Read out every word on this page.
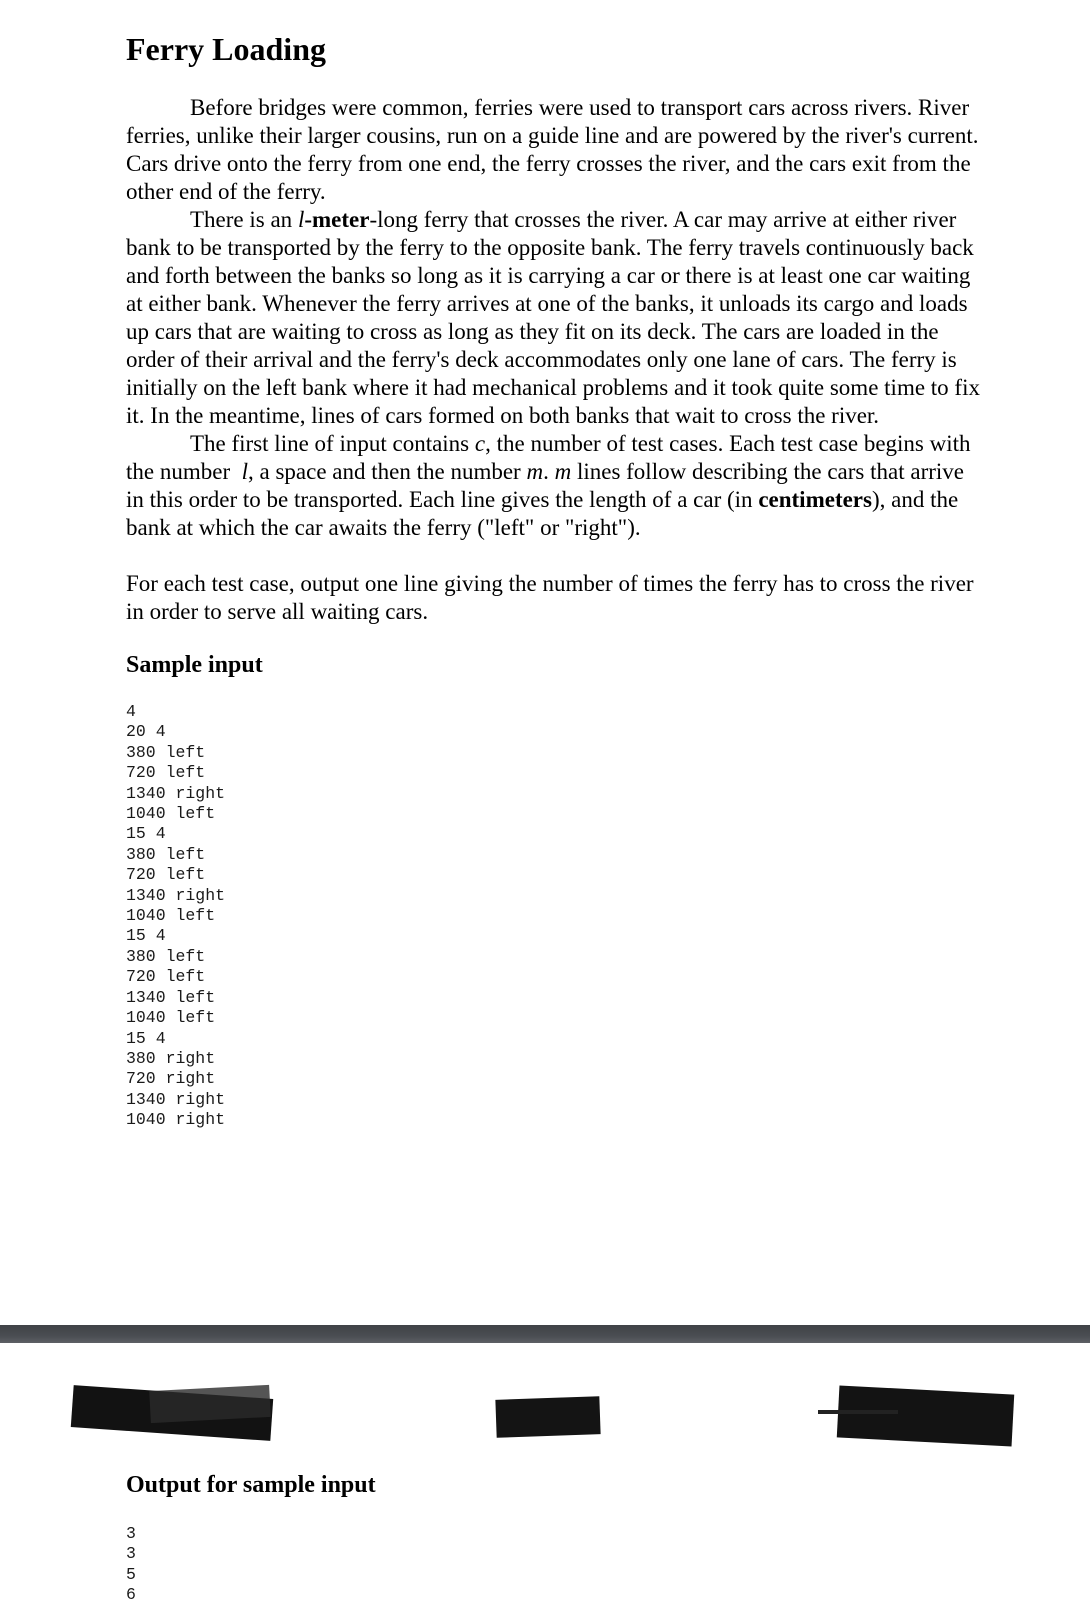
Ferry Loading

Before bridges were common, ferries were used to transport cars across rivers. River ferries, unlike their larger cousins, run on a guide line and are powered by the river's current. Cars drive onto the ferry from one end, the ferry crosses the river, and the cars exit from the other end of the ferry.

There is an l-meter-long ferry that crosses the river. A car may arrive at either river bank to be transported by the ferry to the opposite bank. The ferry travels continuously back and forth between the banks so long as it is carrying a car or there is at least one car waiting at either bank. Whenever the ferry arrives at one of the banks, it unloads its cargo and loads up cars that are waiting to cross as long as they fit on its deck. The cars are loaded in the order of their arrival and the ferry's deck accommodates only one lane of cars. The ferry is initially on the left bank where it had mechanical problems and it took quite some time to fix it. In the meantime, lines of cars formed on both banks that wait to cross the river.

The first line of input contains c, the number of test cases. Each test case begins with the number  l, a space and then the number m. m lines follow describing the cars that arrive in this order to be transported. Each line gives the length of a car (in centimeters), and the bank at which the car awaits the ferry ("left" or "right").

For each test case, output one line giving the number of times the ferry has to cross the river in order to serve all waiting cars.

Sample input
4
20 4
380 left
720 left
1340 right
1040 left
15 4
380 left
720 left
1340 right
1040 left
15 4
380 left
720 left
1340 left
1040 left
15 4
380 right
720 right
1340 right
1040 right
Output for sample input
3
3
5
6
